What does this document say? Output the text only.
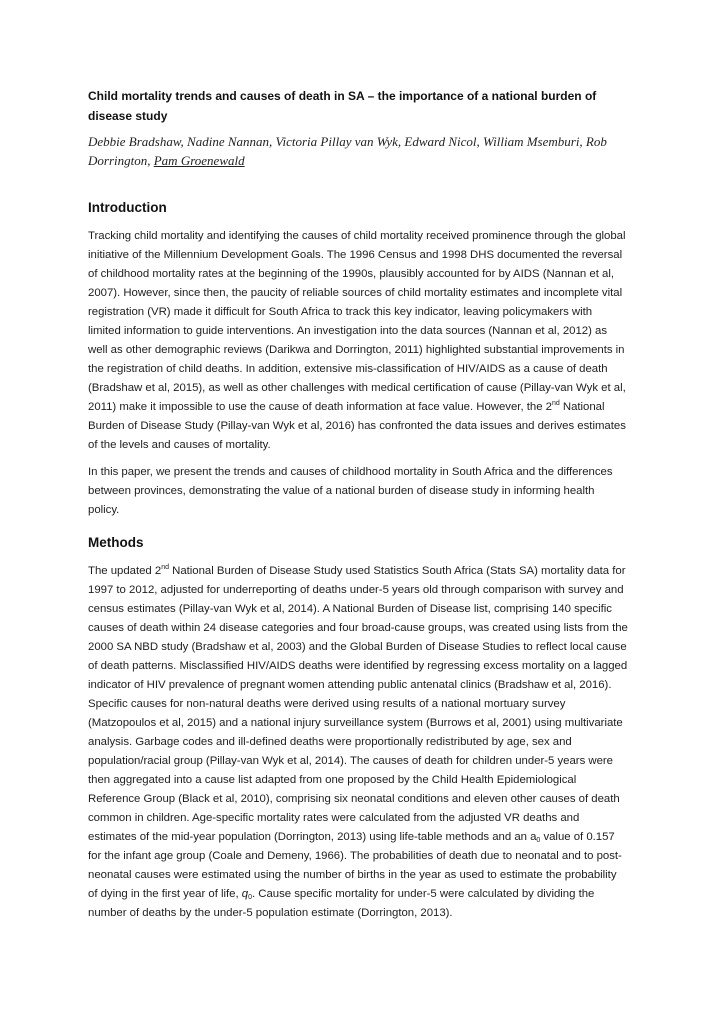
Child mortality trends and causes of death in SA – the importance of a national burden of disease study
Debbie Bradshaw, Nadine Nannan, Victoria Pillay van Wyk, Edward Nicol, William Msemburi, Rob Dorrington, Pam Groenewald
Introduction

Tracking child mortality and identifying the causes of child mortality received prominence through the global initiative of the Millennium Development Goals. The 1996 Census and 1998 DHS documented the reversal of childhood mortality rates at the beginning of the 1990s, plausibly accounted for by AIDS (Nannan et al, 2007). However, since then, the paucity of reliable sources of child mortality estimates and incomplete vital registration (VR) made it difficult for South Africa to track this key indicator, leaving policymakers with limited information to guide interventions. An investigation into the data sources (Nannan et al, 2012) as well as other demographic reviews (Darikwa and Dorrington, 2011) highlighted substantial improvements in the registration of child deaths. In addition, extensive mis-classification of HIV/AIDS as a cause of death (Bradshaw et al, 2015), as well as other challenges with medical certification of cause (Pillay-van Wyk et al, 2011) make it impossible to use the cause of death information at face value. However, the 2nd National Burden of Disease Study (Pillay-van Wyk et al, 2016) has confronted the data issues and derives estimates of the levels and causes of mortality.

In this paper, we present the trends and causes of childhood mortality in South Africa and the differences between provinces, demonstrating the value of a national burden of disease study in informing health policy.

Methods

The updated 2nd National Burden of Disease Study used Statistics South Africa (Stats SA) mortality data for 1997 to 2012, adjusted for underreporting of deaths under-5 years old through comparison with survey and census estimates (Pillay-van Wyk et al, 2014). A National Burden of Disease list, comprising 140 specific causes of death within 24 disease categories and four broad-cause groups, was created using lists from the 2000 SA NBD study (Bradshaw et al, 2003) and the Global Burden of Disease Studies to reflect local cause of death patterns. Misclassified HIV/AIDS deaths were identified by regressing excess mortality on a lagged indicator of HIV prevalence of pregnant women attending public antenatal clinics (Bradshaw et al, 2016). Specific causes for non-natural deaths were derived using results of a national mortuary survey (Matzopoulos et al, 2015) and a national injury surveillance system (Burrows et al, 2001) using multivariate analysis. Garbage codes and ill-defined deaths were proportionally redistributed by age, sex and population/racial group (Pillay-van Wyk et al, 2014). The causes of death for children under-5 years were then aggregated into a cause list adapted from one proposed by the Child Health Epidemiological Reference Group (Black et al, 2010), comprising six neonatal conditions and eleven other causes of death common in children. Age-specific mortality rates were calculated from the adjusted VR deaths and estimates of the mid-year population (Dorrington, 2013) using life-table methods and an $a_0$ value of 0.157 for the infant age group (Coale and Demeny, 1966). The probabilities of death due to neonatal and to post-neonatal causes were estimated using the number of births in the year as used to estimate the probability of dying in the first year of life, $q_0$. Cause specific mortality for under-5 were calculated by dividing the number of deaths by the under-5 population estimate (Dorrington, 2013).
